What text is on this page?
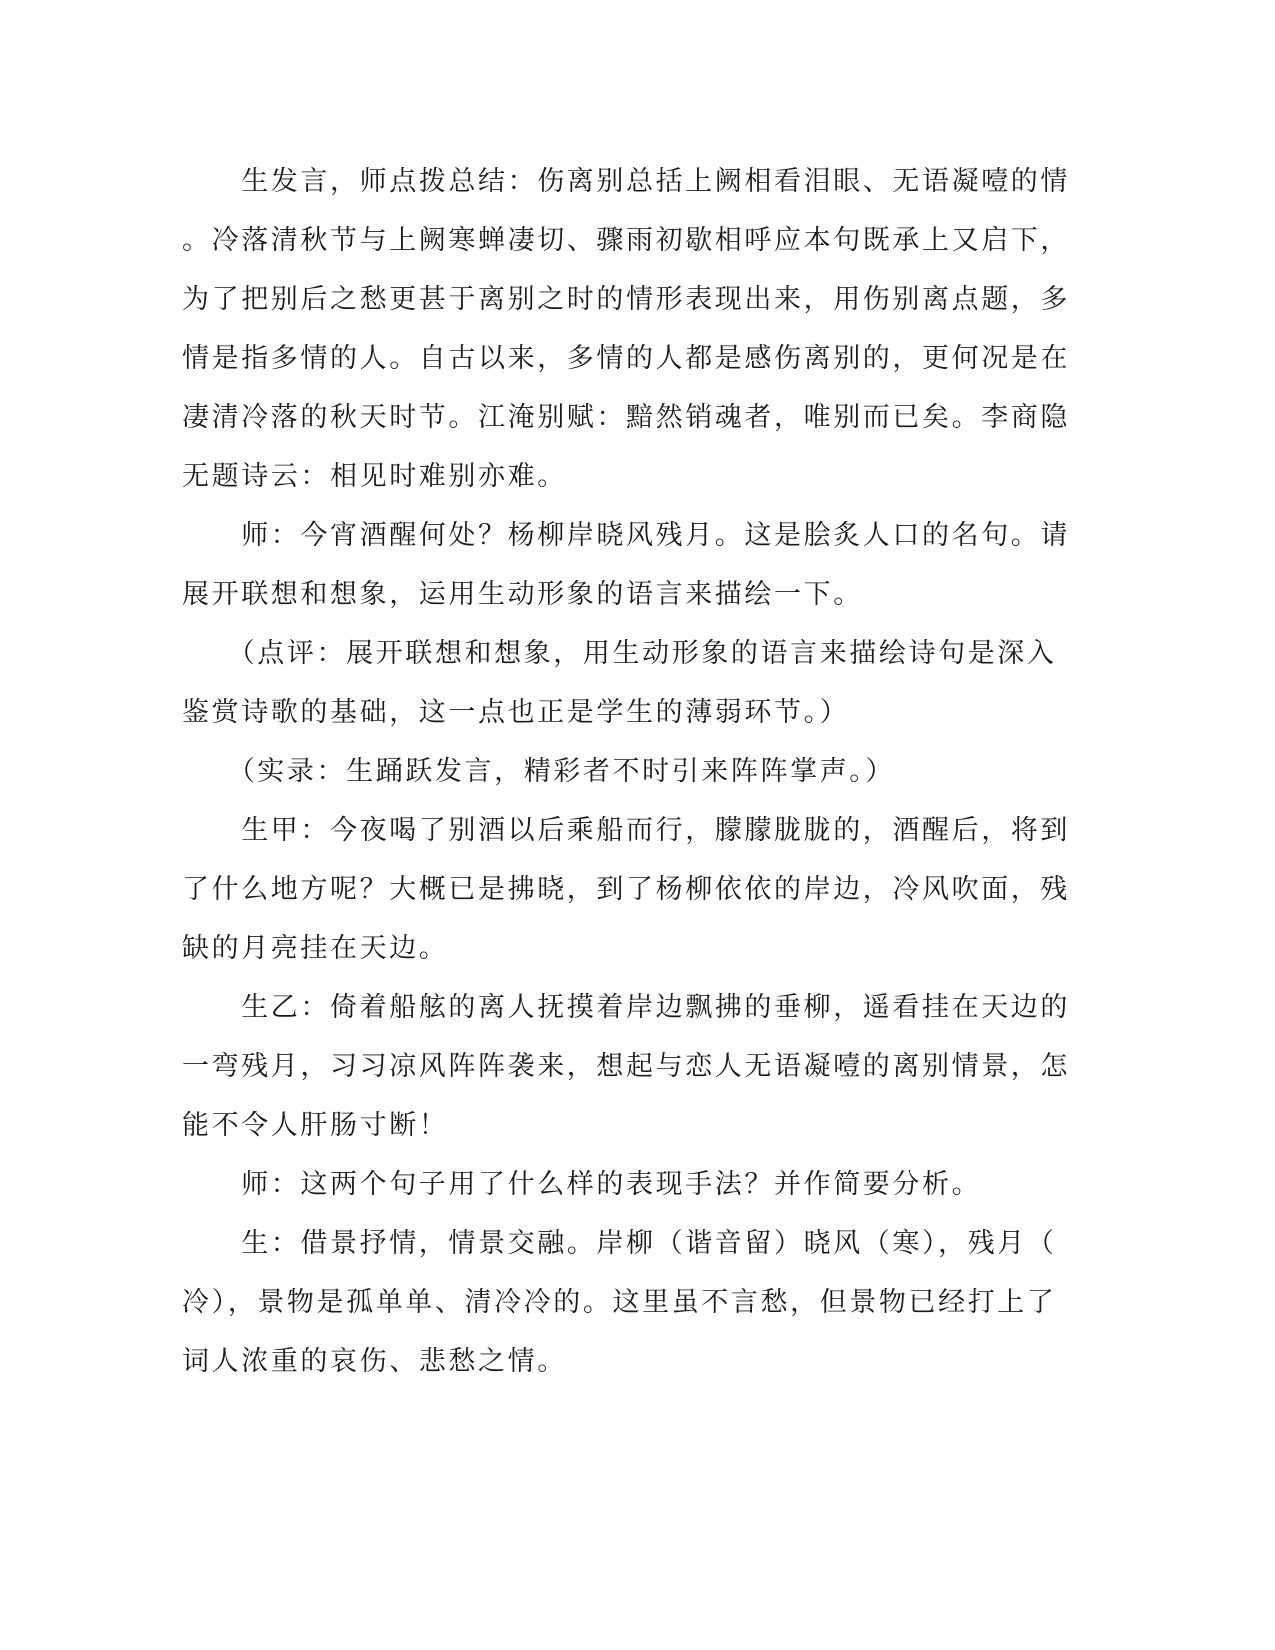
　　生发言，师点拨总结：伤离别总括上阙相看泪眼、无语凝噎的情
。冷落清秋节与上阙寒蝉凄切、骤雨初歇相呼应本句既承上又启下，
为了把别后之愁更甚于离别之时的情形表现出来，用伤别离点题，多
情是指多情的人。自古以来，多情的人都是感伤离别的，更何况是在
凄清冷落的秋天时节。江淹别赋：黯然销魂者，唯别而已矣。李商隐
无题诗云：相见时难别亦难。
　　师：今宵酒醒何处？杨柳岸晓风残月。这是脍炙人口的名句。请
展开联想和想象，运用生动形象的语言来描绘一下。
　　（点评：展开联想和想象，用生动形象的语言来描绘诗句是深入
鉴赏诗歌的基础，这一点也正是学生的薄弱环节。）
　　（实录：生踊跃发言，精彩者不时引来阵阵掌声。）
　　生甲：今夜喝了别酒以后乘船而行，朦朦胧胧的，酒醒后，将到
了什么地方呢？大概已是拂晓，到了杨柳依依的岸边，冷风吹面，残
缺的月亮挂在天边。
　　生乙：倚着船舷的离人抚摸着岸边飘拂的垂柳，遥看挂在天边的
一弯残月，习习凉风阵阵袭来，想起与恋人无语凝噎的离别情景，怎
能不令人肝肠寸断！
　　师：这两个句子用了什么样的表现手法？并作简要分析。
　　生：借景抒情，情景交融。岸柳（谐音留）晓风（寒），残月（
冷），景物是孤单单、清冷冷的。这里虽不言愁，但景物已经打上了
词人浓重的哀伤、悲愁之情。
